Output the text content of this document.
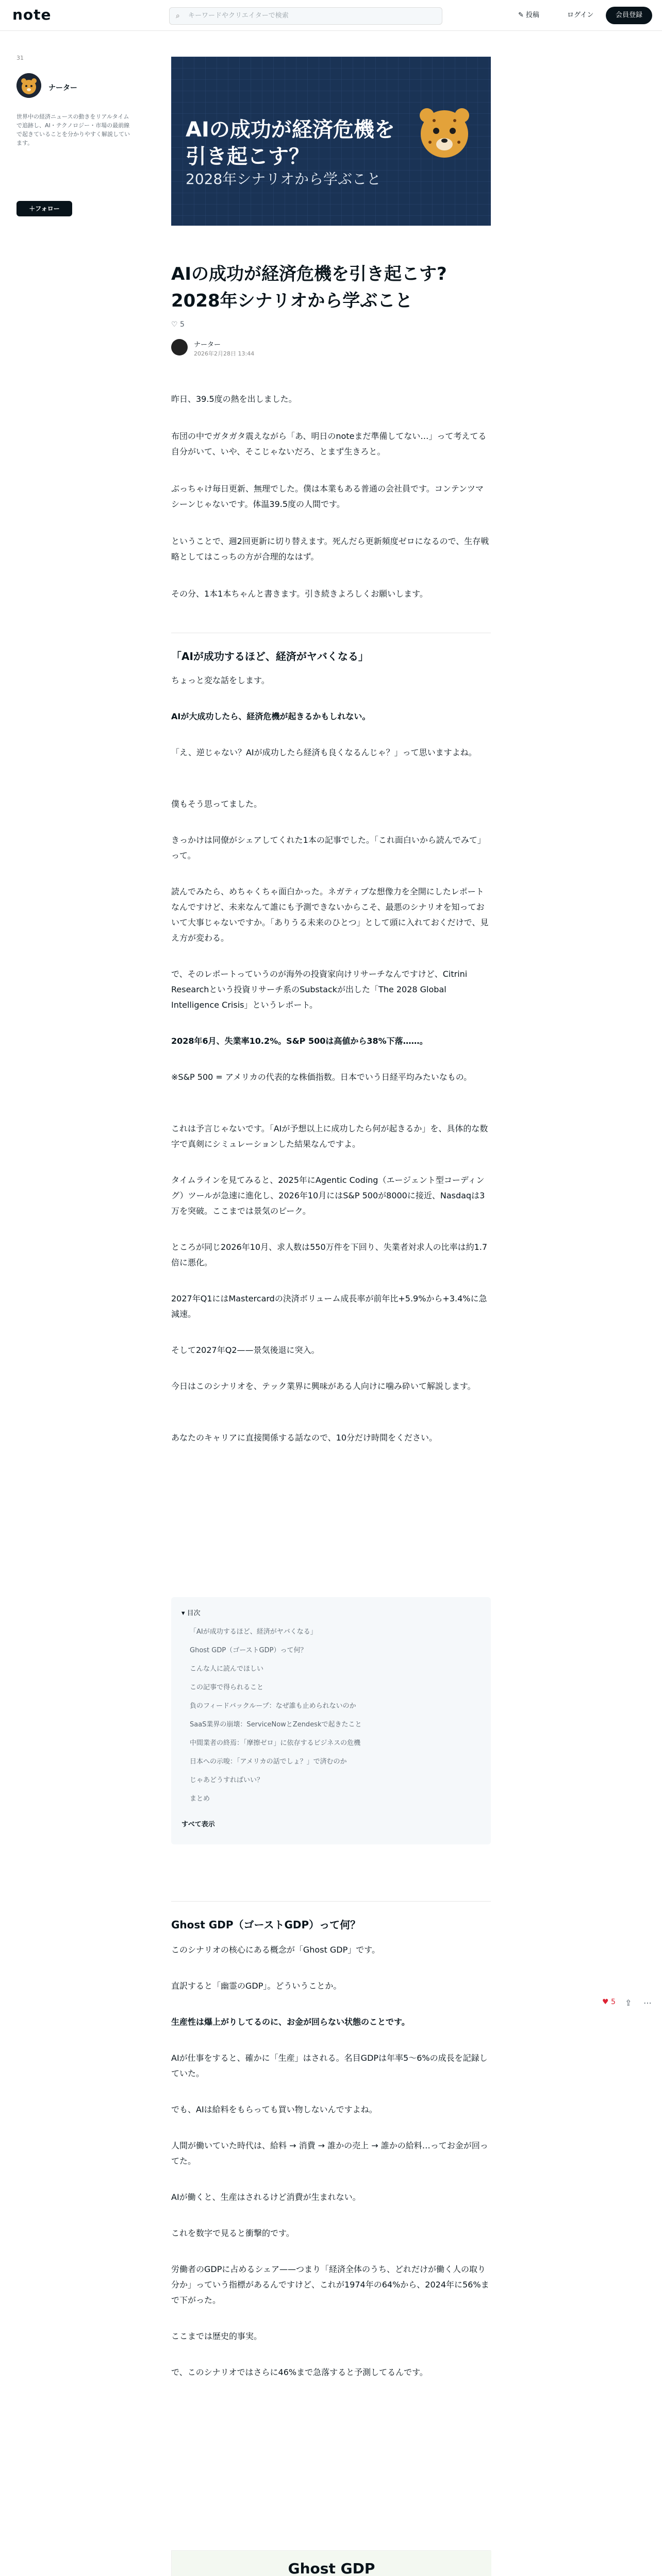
note	⌕ キーワードやクリエイターで検索	✎ 投稿	ログイン	会員登録
31
ナーター
世界中の経済ニュースの動きをリアルタイムで追跡し、AI・テクノロジー・市場の最前線で起きていることを分かりやすく解説しています。
＋フォロー
AIの成功が経済危機を
引き起こす？
2028年シナリオから学ぶこと
AIの成功が経済危機を引き起こす?2028年シナリオから学ぶこと
♡ 5
ナーター
2026年2月28日 13:44
昨日、39.5度の熱を出しました。
布団の中でガタガタ震えながら「あ、明日のnoteまだ準備してない…」って考えてる自分がいて、いや、そこじゃないだろ、とまず生きろと。
ぶっちゃけ毎日更新、無理でした。僕は本業もある普通の会社員です。コンテンツマシーンじゃないです。体温39.5度の人間です。
ということで、週2回更新に切り替えます。死んだら更新頻度ゼロになるので、生存戦略としてはこっちの方が合理的なはず。
その分、1本1本ちゃんと書きます。引き続きよろしくお願いします。
「AIが成功するほど、経済がヤバくなる」
ちょっと変な話をします。
AIが大成功したら、経済危機が起きるかもしれない。
「え、逆じゃない？AIが成功したら経済も良くなるんじゃ？」って思いますよね。
僕もそう思ってました。
きっかけは同僚がシェアしてくれた1本の記事でした。「これ面白いから読んでみて」って。
読んでみたら、めちゃくちゃ面白かった。ネガティブな想像力を全開にしたレポートなんですけど、未来なんて誰にも予測できないからこそ、最悪のシナリオを知っておいて大事じゃないですか。「ありうる未来のひとつ」として頭に入れておくだけで、見え方が変わる。
で、そのレポートっていうのが海外の投資家向けリサーチなんですけど、Citrini Researchという投資リサーチ系のSubstackが出した「The 2028 Global Intelligence Crisis」というレポート。
2028年6月、失業率10.2%。S&P 500は高値から38%下落……。
※S&P 500 = アメリカの代表的な株価指数。日本でいう日経平均みたいなもの。
これは予言じゃないです。「AIが予想以上に成功したら何が起きるか」を、具体的な数字で真剣にシミュレーションした結果なんですよ。
タイムラインを見てみると、2025年にAgentic Coding（エージェント型コーディング）ツールが急速に進化し、2026年10月にはS&P 500が8000に接近、Nasdaqは3万を突破。ここまでは景気のピーク。
ところが同じ2026年10月、求人数は550万件を下回り、失業者対求人の比率は約1.7倍に悪化。
2027年Q1にはMastercardの決済ボリューム成長率が前年比+5.9%から+3.4%に急減速。
そして2027年Q2——景気後退に突入。
今日はこのシナリオを、テック業界に興味がある人向けに噛み砕いて解説します。
あなたのキャリアに直接関係する話なので、10分だけ時間をください。
▾ 目次
「AIが成功するほど、経済がヤバくなる」
Ghost GDP（ゴーストGDP）って何？
こんな人に読んでほしい
この記事で得られること
負のフィードバックループ：なぜ誰も止められないのか
SaaS業界の崩壊：ServiceNowとZendeskで起きたこと
中間業者の終焉：「摩擦ゼロ」に依存するビジネスの危機
日本への示唆：「アメリカの話でしょ？」で済むのか
じゃあどうすればいい？
まとめ
すべて表示
Ghost GDP（ゴーストGDP）って何？
このシナリオの核心にある概念が「Ghost GDP」です。
直訳すると「幽霊のGDP」。どういうことか。
生産性は爆上がりしてるのに、お金が回らない状態のことです。
AIが仕事をすると、確かに「生産」はされる。名目GDPは年率5〜6%の成長を記録していた。
でも、AIは給料をもらっても買い物しないんですよね。
人間が働いていた時代は、給料 → 消費 → 誰かの売上 → 誰かの給料…ってお金が回ってた。
AIが働くと、生産はされるけど消費が生まれない。
これを数字で見ると衝撃的です。
労働者のGDPに占めるシェア——つまり「経済全体のうち、どれだけが働く人の取り分か」っていう指標があるんですけど、これが1974年の64%から、2024年に56%まで下がった。
ここまでは歴史的事実。
で、このシナリオではさらに46%まで急落すると予測してるんです。
Ghost GDP
♥ 5 ⇪ ⋯
